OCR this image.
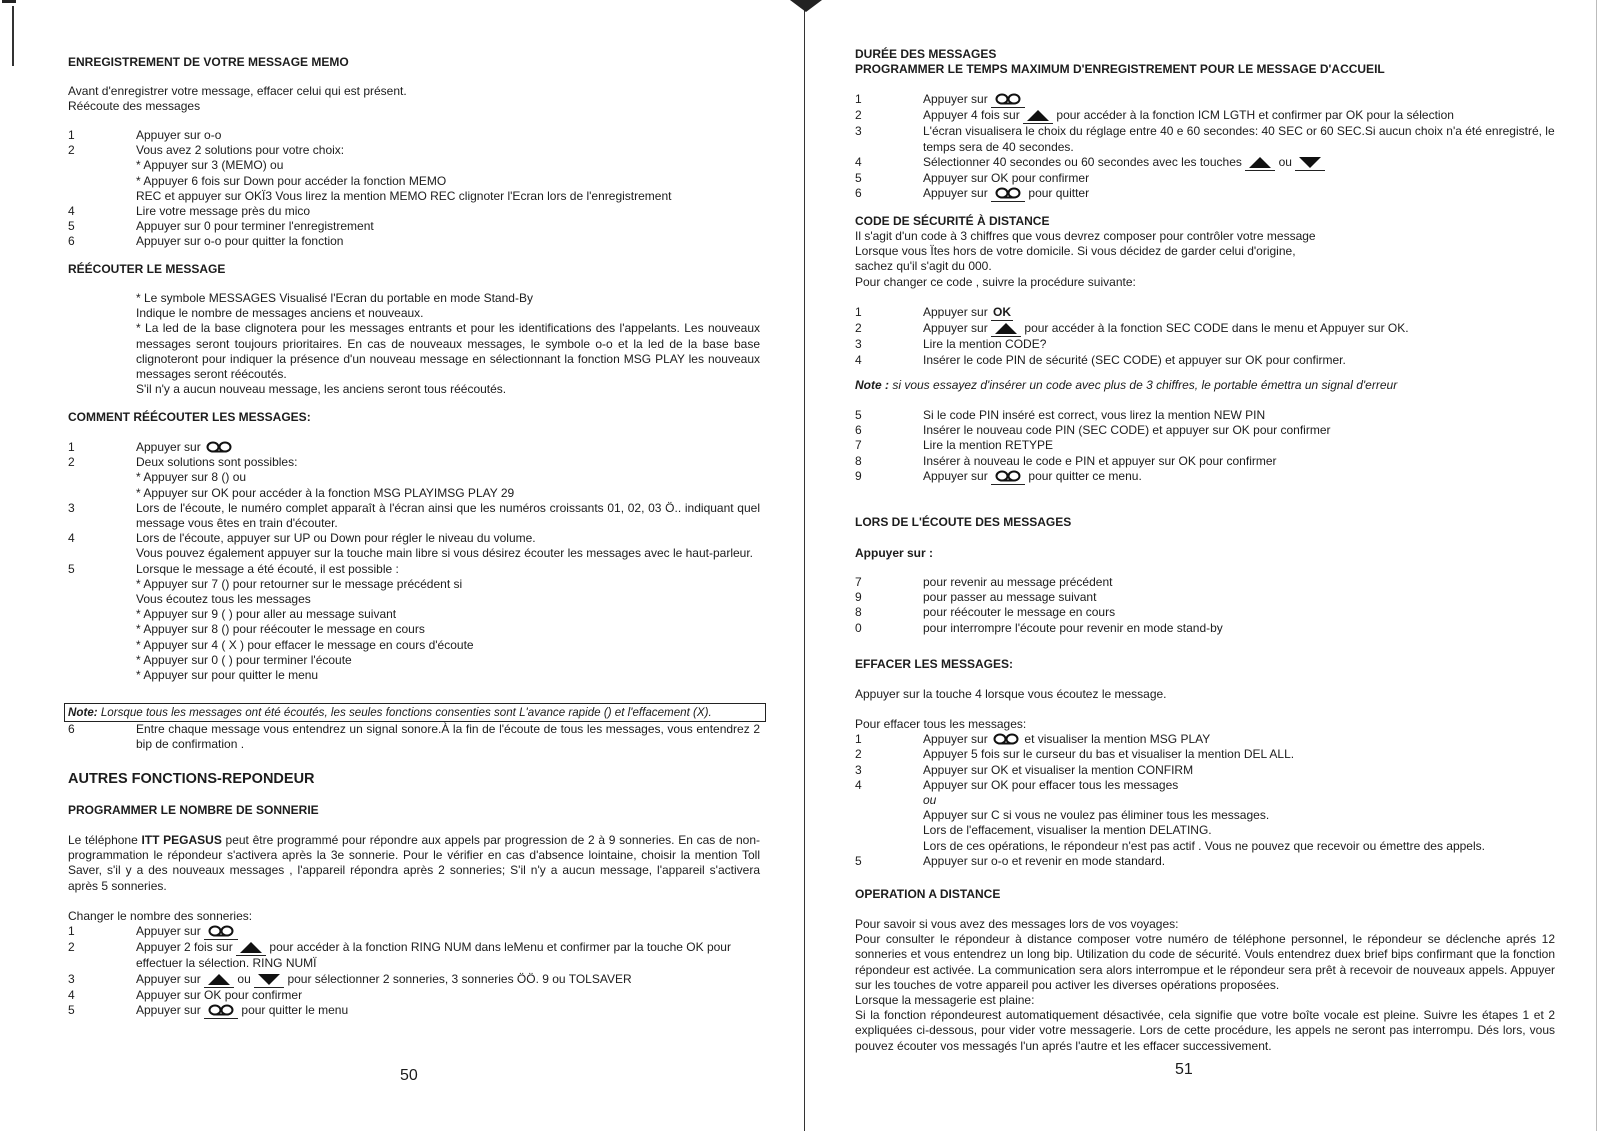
ENREGISTREMENT DE VOTRE MESSAGE MEMO

Avant d'enregistrer votre message, effacer celui qui est présent.

Réécoute des messages

1	Appuyer sur o-o
2	Vous avez 2 solutions pour votre choix:
* Appuyer sur 3 (MEMO) ou
* Appuyer 6 fois sur Down pour accéder la fonction MEMO
REC et appuyer sur OKЇ3 Vous lirez la mention MEMO REC clignoter l'Ecran lors de l'enregistrement
4	Lire votre message près du mico
5	Appuyer sur 0 pour terminer l'enregistrement
6	Appuyer sur o-o pour quitter la fonction
RÉÉCOUTER LE MESSAGE

* Le symbole MESSAGES Visualisé l'Ecran du portable en mode Stand-By

Indique le nombre de messages anciens et nouveaux.

* La led de la base clignotera pour les messages entrants et pour les identifications des l'appelants. Les nouveaux messages seront toujours prioritaires. En cas de nouveaux messages, le symbole o-o et la led de la base base clignoteront pour indiquer la présence d'un nouveau message en sélectionnant la fonction MSG PLAY les nouveaux messages seront réécoutés.

S'il n'y a aucun nouveau message, les anciens seront tous réécoutés.

COMMENT RÉÉCOUTER LES MESSAGES:
1	Appuyer sur
2	Deux solutions sont possibles:
* Appuyer sur 8 () ou
* Appuyer sur OK pour accéder à la fonction MSG PLAYIMSG PLAY 29
3	Lors de l'écoute, le numéro complet apparaît à l'écran ainsi que les numéros croissants 01, 02, 03 Ö.. indiquant quel message vous êtes en train d'écouter.
4	Lors de l'écoute, appuyer sur UP ou Down pour régler le niveau du volume.
Vous pouvez également appuyer sur la touche main libre si vous désirez écouter les messages avec le haut-parleur.
5	Lorsque le message a été écouté, il est possible :
* Appuyer sur 7 () pour retourner sur le message précédent si
Vous écoutez tous les messages
* Appuyer sur 9 ( ) pour aller au message suivant
* Appuyer sur 8 () pour réécouter le message en cours
* Appuyer sur 4 ( X ) pour effacer le message en cours d'écoute
* Appuyer sur 0 ( ) pour terminer l'écoute
* Appuyer sur pour quitter le menu
Note: Lorsque tous les messages ont été écoutés, les seules fonctions consenties sont L'avance rapide () et l'effacement (X).
6	Entre chaque message vous entendrez un signal sonore.À la fin de l'écoute de tous les messages, vous entendrez 2 bip de confirmation .
AUTRES FONCTIONS-REPONDEUR
PROGRAMMER LE NOMBRE DE SONNERIE
Le téléphone ITT PEGASUS peut être programmé pour répondre aux appels par progression de 2 à 9 sonneries. En cas de non-programmation le répondeur s'activera après la 3e sonnerie. Pour le vérifier en cas d'absence lointaine, choisir la mention Toll Saver, s'il y a des nouveaux messages , l'appareil répondra après 2 sonneries; S'il n'y a aucun message, l'appareil s'activera après 5 sonneries.

Changer le nombre des sonneries:

1	Appuyer sur
2	Appuyer 2 fois sur	pour accéder à la fonction RING NUM dans leMenu et confirmer par la touche OK pour effectuer la sélection. RING NUMЇ
3	Appuyer sur	ou	pour sélectionner 2 sonneries, 3 sonneries ÖÖ. 9 ou TOLSAVER
4	Appuyer sur OK pour confirmer
5	Appuyer sur	pour quitter le menu
50
DURÉE DES MESSAGES
PROGRAMMER LE TEMPS MAXIMUM D'ENREGISTREMENT POUR LE MESSAGE D'ACCUEIL
1	Appuyer sur
2	Appuyer 4 fois sur	pour accéder à la fonction ICM LGTH et confirmer par OK pour la sélection
3	L'écran visualisera le choix du réglage entre 40 e 60 secondes: 40 SEC or 60 SEC.Si aucun choix n'a été enregistré, le temps sera de 40 secondes.
4	Sélectionner 40 secondes ou 60 secondes avec les touches	ou
5	Appuyer sur OK pour confirmer
6	Appuyer sur	pour quitter
CODE DE SÉCURITÉ À DISTANCE

Il s'agit d'un code à 3 chiffres que vous devrez composer pour contrôler votre message

Lorsque vous Ïtes hors de votre domicile. Si vous décidez de garder celui d'origine,

sachez qu'il s'agit du 000.

Pour changer ce code , suivre la procédure suivante:

1	Appuyer sur OK
2	Appuyer sur	pour accéder à la fonction SEC CODE dans le menu et Appuyer sur OK.
3	Lire la mention CODE?
4	Insérer le code PIN de sécurité (SEC CODE) et appuyer sur OK pour confirmer.
Note : si vous essayez d'insérer un code avec plus de 3 chiffres, le portable émettra un signal d'erreur
5	Si le code PIN inséré est correct, vous lirez la mention NEW PIN
6	Insérer le nouveau code PIN (SEC CODE) et appuyer sur OK pour confirmer
7	Lire la mention RETYPE
8	Insérer à nouveau le code e PIN et appuyer sur OK pour confirmer
9	Appuyer sur	pour quitter ce menu.
LORS DE L'ÉCOUTE DES MESSAGES
Appuyer sur :
7	pour revenir au message précédent
9	pour passer au message suivant
8	pour réécouter le message en cours
0	pour interrompre l'écoute pour revenir en mode stand-by
EFFACER LES MESSAGES:

Appuyer sur la touche 4 lorsque vous écoutez le message.

Pour effacer tous les messages:

1	Appuyer sur	et visualiser la mention MSG PLAY
2	Appuyer 5 fois sur le curseur du bas et visualiser la mention DEL ALL.
3	Appuyer sur OK et visualiser la mention CONFIRM
4	Appuyer sur OK pour effacer tous les messages
ou

Appuyer sur C si vous ne voulez pas éliminer tous les messages.

Lors de l'effacement, visualiser la mention DELATING.

Lors de ces opérations, le répondeur n'est pas actif . Vous ne pouvez que recevoir ou émettre des appels.

5	Appuyer sur o-o et revenir en mode standard.
OPERATION A DISTANCE

Pour savoir si vous avez des messages lors de vos voyages:

Pour consulter le répondeur à distance composer votre numéro de téléphone personnel, le répondeur se déclenche aprés 12 sonneries et vous entendrez un long bip. Utilization du code de sécurité. Vouls entendrez duex brief bips confirmant que la fonction répondeur est activée. La communication sera alors interrompue et le répondeur sera prêt à recevoir de nouveaux appels. Appuyer sur les touches de votre appareil pou activer les diverses opérations proposées.

Lorsque la messagerie est plaine:

Si la fonction répondeurest automatiquement désactivée, cela signifie que votre boîte vocale est pleine. Suivre les étapes 1 et 2 expliquées ci-dessous, pour vider votre messagerie. Lors de cette procédure, les appels ne seront pas interrompu. Dés lors, vous pouvez écouter vos messagés l'un aprés l'autre et les effacer successivement.

51
